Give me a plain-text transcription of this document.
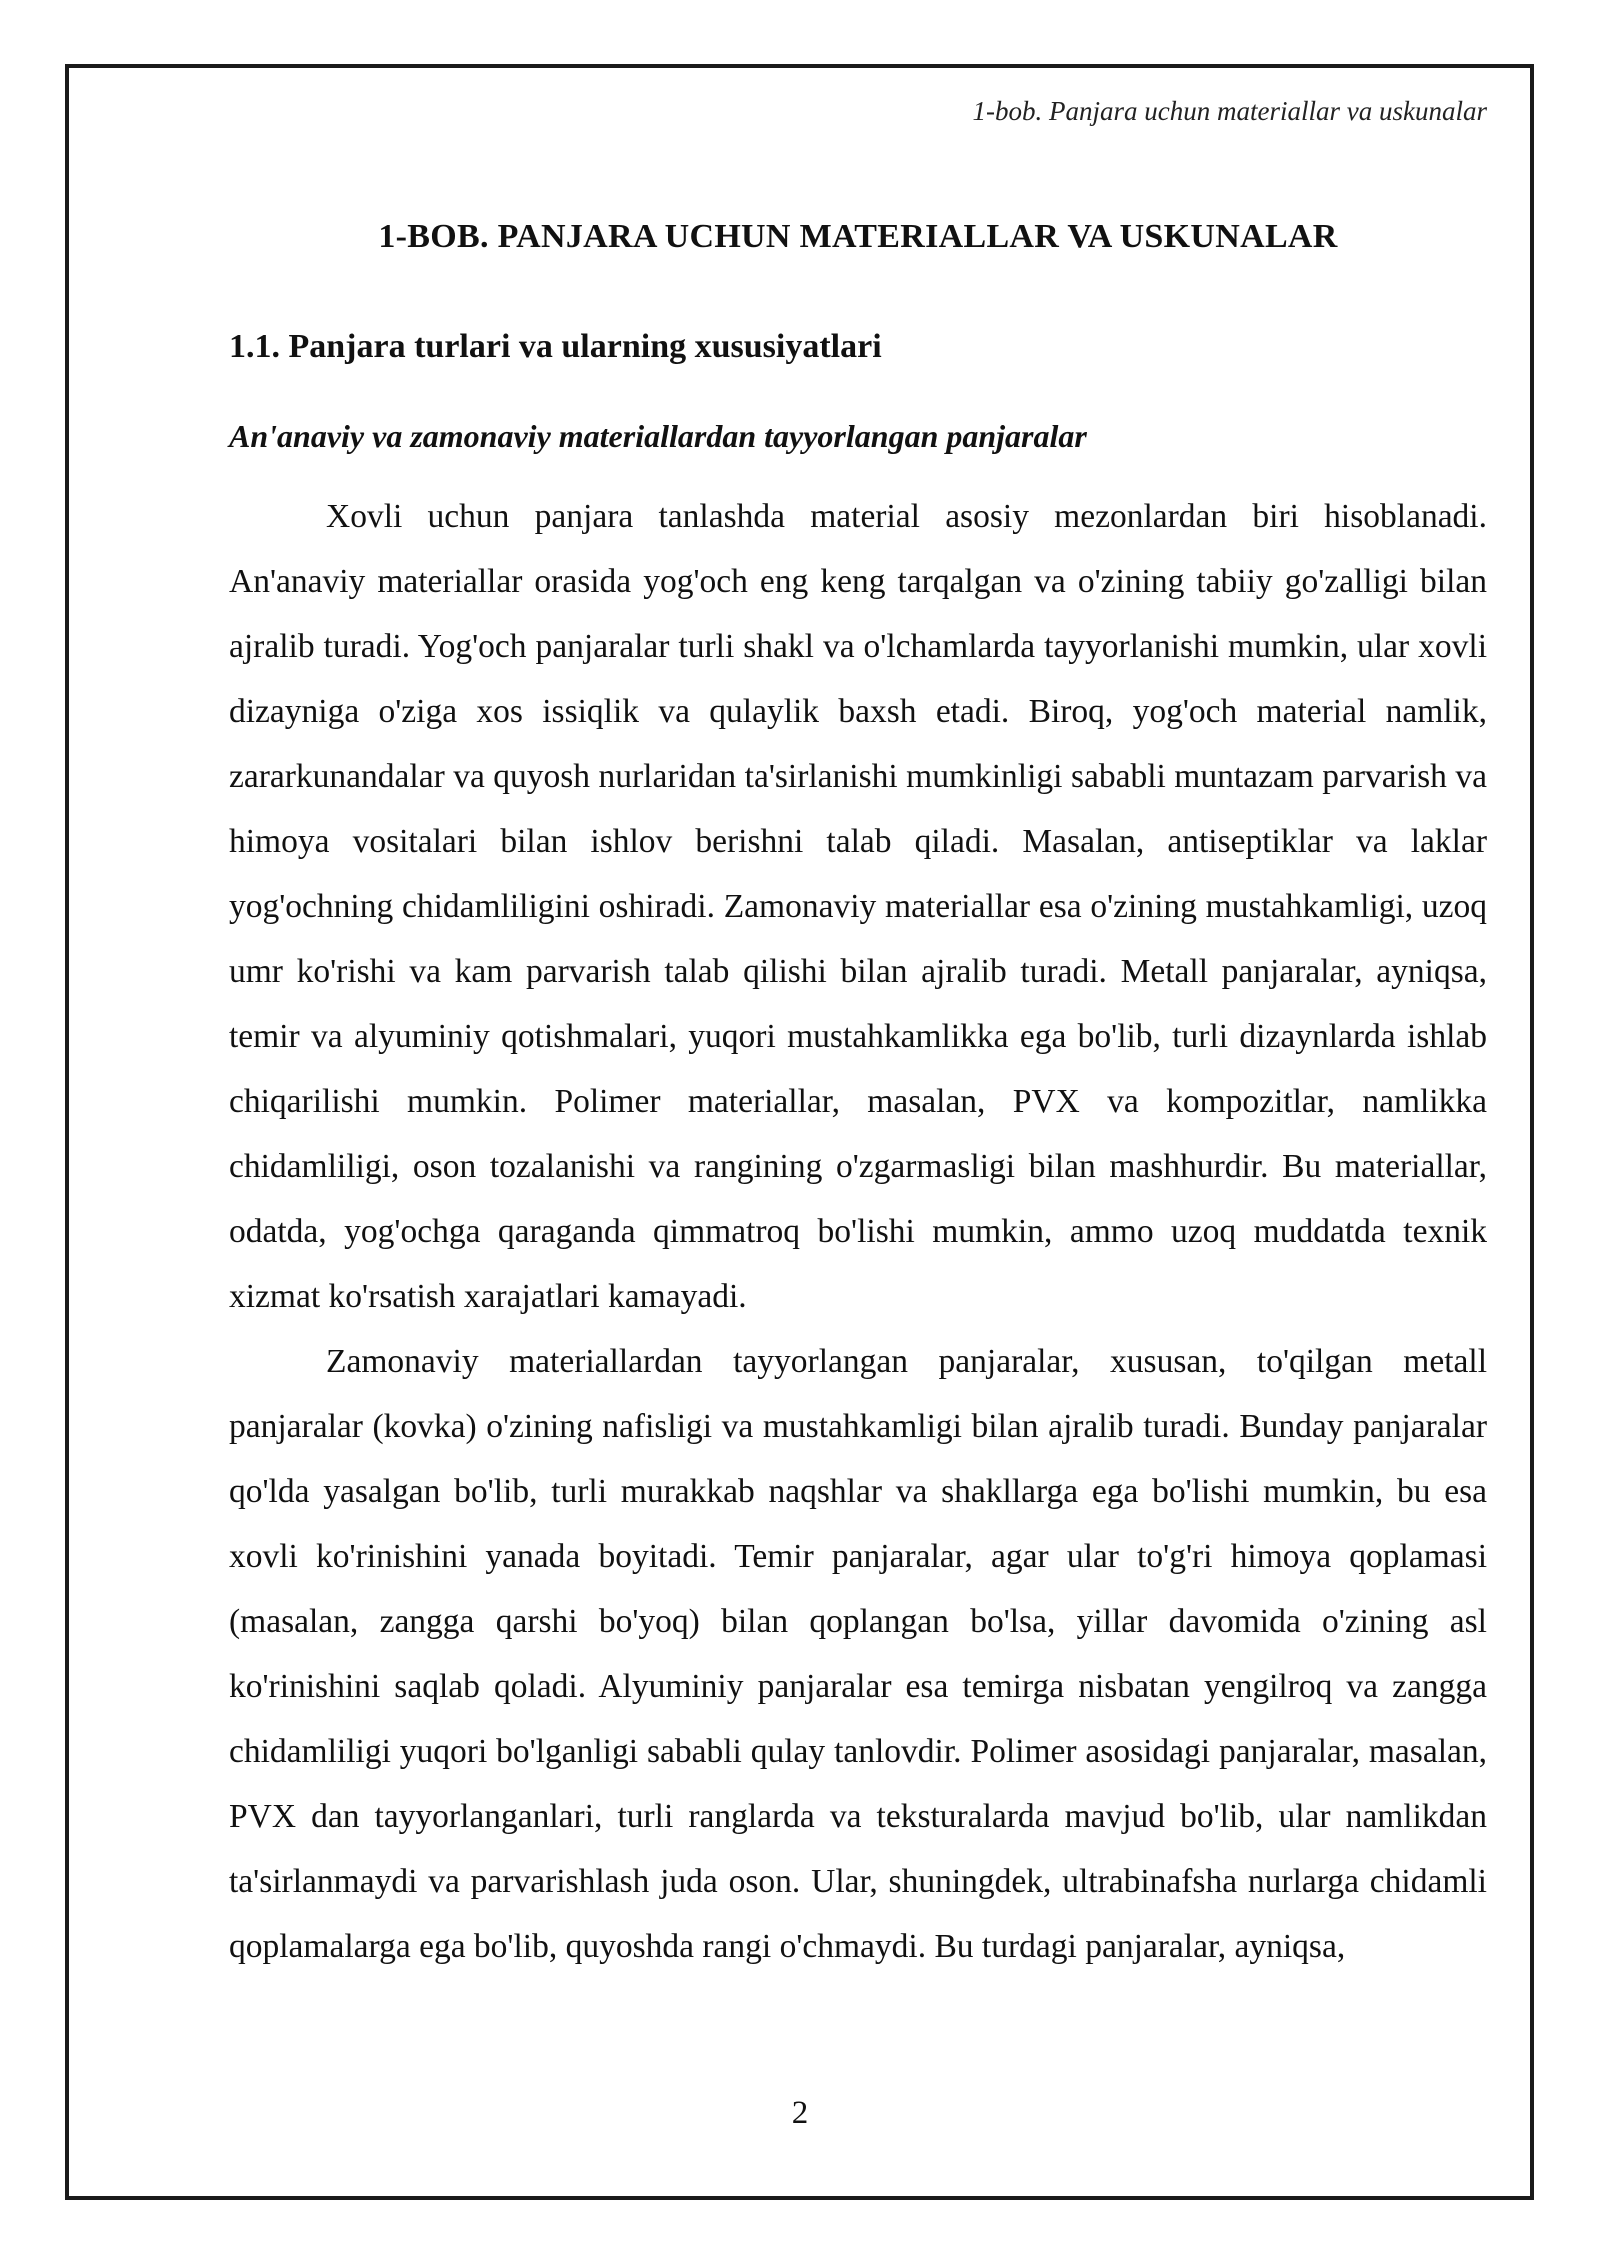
1-bob. Panjara uchun materiallar va uskunalar
1-BOB. PANJARA UCHUN MATERIALLAR VA USKUNALAR
1.1. Panjara turlari va ularning xususiyatlari
An'anaviy va zamonaviy materiallardan tayyorlangan panjaralar

Xovli uchun panjara tanlashda material asosiy mezonlardan biri hisoblanadi. An'anaviy materiallar orasida yog'och eng keng tarqalgan va o'zining tabiiy go'zalligi bilan ajralib turadi. Yog'och panjaralar turli shakl va o'lchamlarda tayyorlanishi mumkin, ular xovli dizayniga o'ziga xos issiqlik va qulaylik baxsh etadi. Biroq, yog'och material namlik, zararkunandalar va quyosh nurlaridan ta'sirlanishi mumkinligi sababli muntazam parvarish va himoya vositalari bilan ishlov berishni talab qiladi. Masalan, antiseptiklar va laklar yog'ochning chidamliligini oshiradi. Zamonaviy materiallar esa o'zining mustahkamligi, uzoq umr ko'rishi va kam parvarish talab qilishi bilan ajralib turadi. Metall panjaralar, ayniqsa, temir va alyuminiy qotishmalari, yuqori mustahkamlikka ega bo'lib, turli dizaynlarda ishlab chiqarilishi mumkin. Polimer materiallar, masalan, PVX va kompozitlar, namlikka chidamliligi, oson tozalanishi va rangining o'zgarmasligi bilan mashhurdir. Bu materiallar, odatda, yog'ochga qaraganda qimmatroq bo'lishi mumkin, ammo uzoq muddatda texnik xizmat ko'rsatish xarajatlari kamayadi.

Zamonaviy materiallardan tayyorlangan panjaralar, xususan, to'qilgan metall panjaralar (kovka) o'zining nafisligi va mustahkamligi bilan ajralib turadi. Bunday panjaralar qo'lda yasalgan bo'lib, turli murakkab naqshlar va shakllarga ega bo'lishi mumkin, bu esa xovli ko'rinishini yanada boyitadi. Temir panjaralar, agar ular to'g'ri himoya qoplamasi (masalan, zangga qarshi bo'yoq) bilan qoplangan bo'lsa, yillar davomida o'zining asl ko'rinishini saqlab qoladi. Alyuminiy panjaralar esa temirga nisbatan yengilroq va zangga chidamliligi yuqori bo'lganligi sababli qulay tanlovdir. Polimer asosidagi panjaralar, masalan, PVX dan tayyorlanganlari, turli ranglarda va teksturalarda mavjud bo'lib, ular namlikdan ta'sirlanmaydi va parvarishlash juda oson. Ular, shuningdek, ultrabinafsha nurlarga chidamli qoplamalarga ega bo'lib, quyoshda rangi o'chmaydi. Bu turdagi panjaralar, ayniqsa,

2
